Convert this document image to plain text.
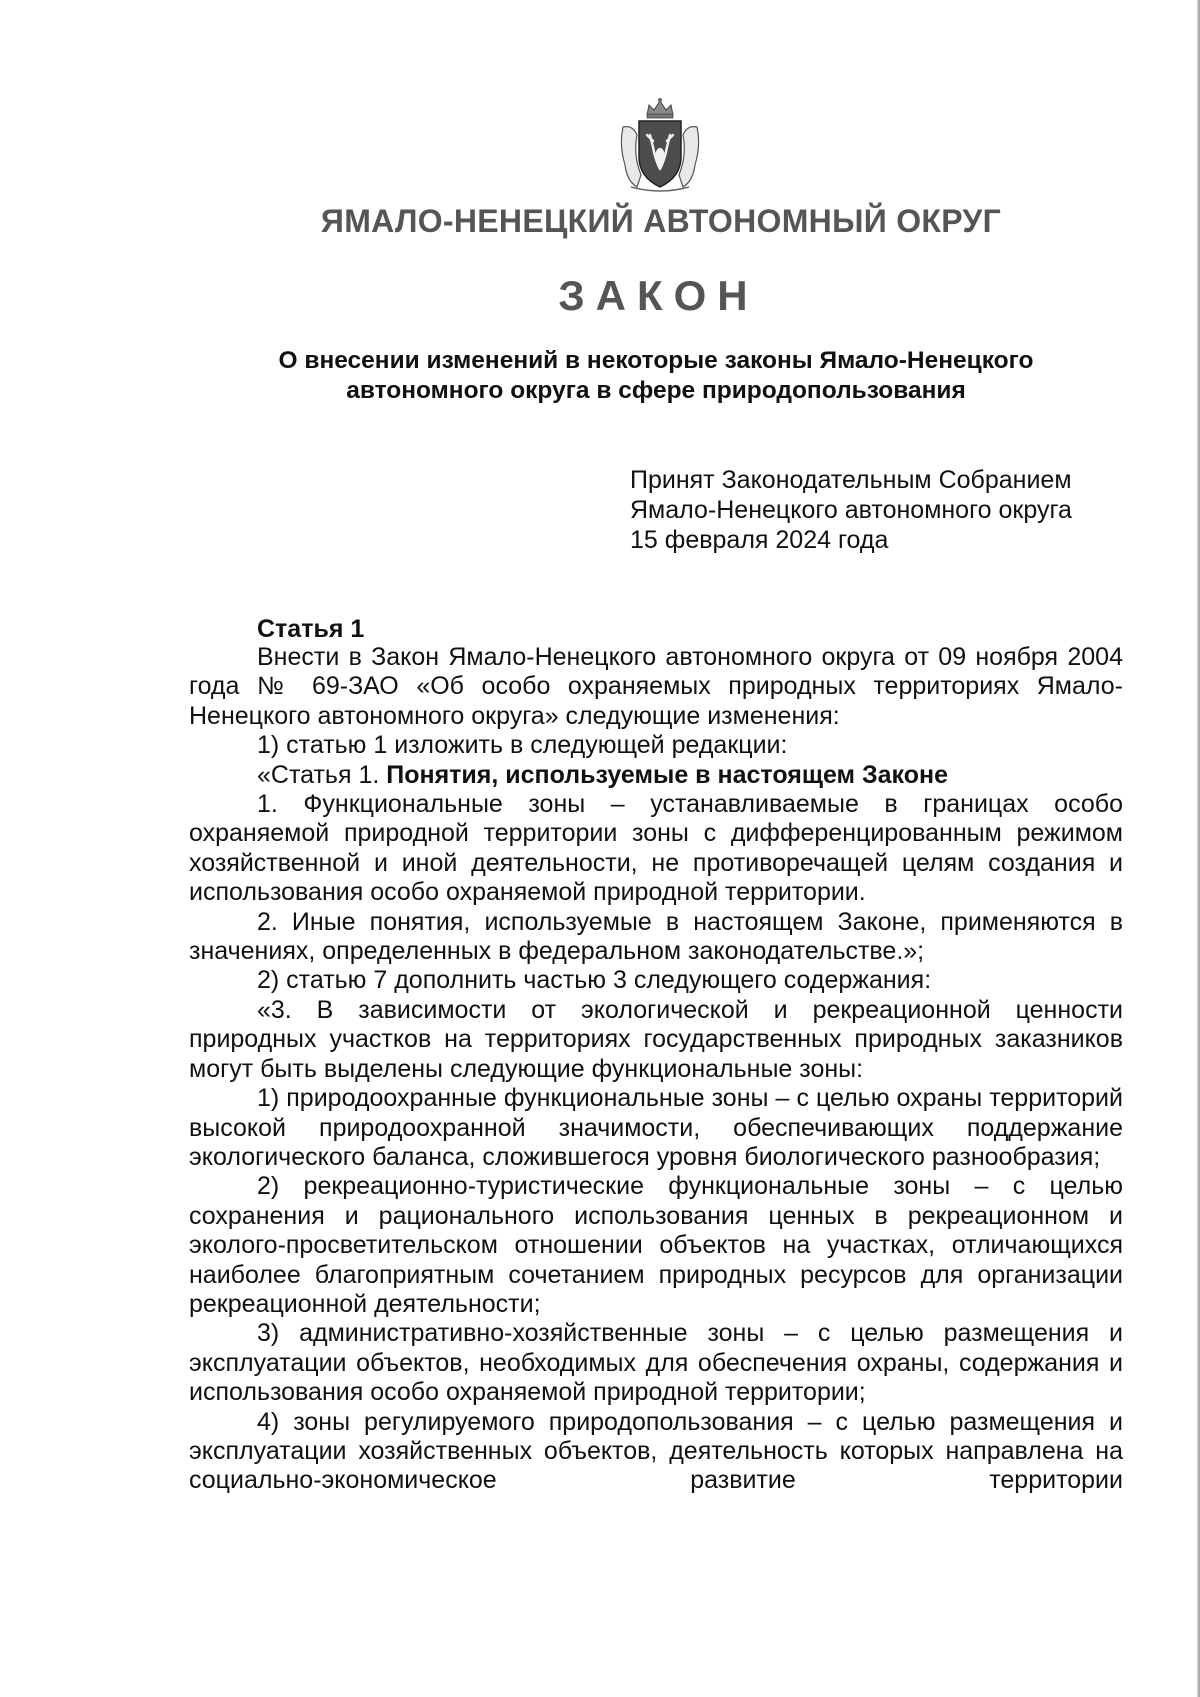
ЯМАЛО-НЕНЕЦКИЙ АВТОНОМНЫЙ ОКРУГ
ЗАКОН
О внесении изменений в некоторые законы Ямало-Ненецкого
автономного округа в сфере природопользования
Принят Законодательным Собранием
Ямало-Ненецкого автономного округа
15 февраля 2024 года
Статья 1

Внести в Закон Ямало-Ненецкого автономного округа от 09 ноября 2004 года № 69-ЗАО «Об особо охраняемых природных территориях Ямало-Ненецкого автономного округа» следующие изменения:

1) статью 1 изложить в следующей редакции:

«Статья 1. Понятия, используемые в настоящем Законе

1. Функциональные зоны – устанавливаемые в границах особо охраняемой природной территории зоны с дифференцированным режимом хозяйственной и иной деятельности, не противоречащей целям создания и использования особо охраняемой природной территории.

2. Иные понятия, используемые в настоящем Законе, применяются в значениях, определенных в федеральном законодательстве.»;

2) статью 7 дополнить частью 3 следующего содержания:

«3. В зависимости от экологической и рекреационной ценности природных участков на территориях государственных природных заказников могут быть выделены следующие функциональные зоны:

1) природоохранные функциональные зоны – с целью охраны территорий высокой природоохранной значимости, обеспечивающих поддержание экологического баланса, сложившегося уровня биологического разнообразия;

2) рекреационно-туристические функциональные зоны – с целью сохранения и рационального использования ценных в рекреационном и эколого-просветительском отношении объектов на участках, отличающихся наиболее благоприятным сочетанием природных ресурсов для организации рекреационной деятельности;

3) административно-хозяйственные зоны – с целью размещения и эксплуатации объектов, необходимых для обеспечения охраны, содержания и использования особо охраняемой природной территории;

4) зоны регулируемого природопользования – с целью размещения и эксплуатации хозяйственных объектов, деятельность которых направлена на социально-экономическое развитие территории
